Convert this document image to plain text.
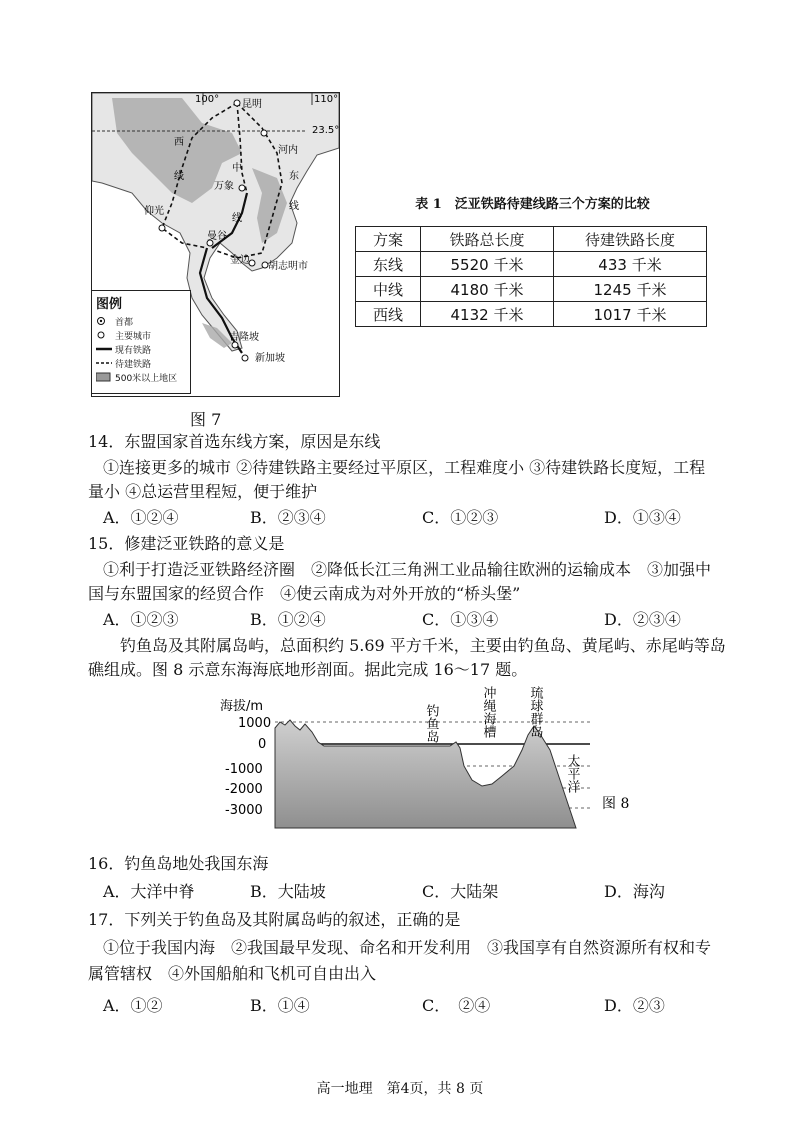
100°	110°
23.5°
昆明
河内
西
线
中
线
东
线
仰光
万象
曼谷
金边
胡志明市
吉隆坡
新加坡
图例
首都
主要城市
现有铁路
待建铁路
500米以上地区
图 7
表 1　泛亚铁路待建线路三个方案的比较
方案	铁路总长度	待建铁路长度
东线	5520 千米	433 千米
中线	4180 千米	1245 千米
西线	4132 千米	1017 千米
14．东盟国家首选东线方案，原因是东线
①连接更多的城市 ②待建铁路主要经过平原区，工程难度小 ③待建铁路长度短，工程
量小 ④总运营里程短，便于维护
A．①②④	B．②③④	C．①②③	D．①③④
15．修建泛亚铁路的意义是
①利于打造泛亚铁路经济圈　②降低长江三角洲工业品输往欧洲的运输成本　③加强中
国与东盟国家的经贸合作　④使云南成为对外开放的“桥头堡”
A．①②③	B．①②④	C．①③④	D．②③④
钓鱼岛及其附属岛屿，总面积约 5.69 平方千米，主要由钓鱼岛、黄尾屿、赤尾屿等岛
礁组成。图 8 示意东海海底地形剖面。据此完成 16～17 题。
海拔/m
1000
0
-1000
-2000
-3000
钓鱼岛	冲绳海槽 琉球群岛
太平洋
图 8
16．钓鱼岛地处我国东海
A．大洋中脊	B．大陆坡	C．大陆架	D．海沟
17．下列关于钓鱼岛及其附属岛屿的叙述，正确的是
①位于我国内海　②我国最早发现、命名和开发利用　③我国享有自然资源所有权和专
属管辖权　④外国船舶和飞机可自由出入
A．①②	B．①④	C．　②④	D．②③
高一地理　第4页，共 8 页
